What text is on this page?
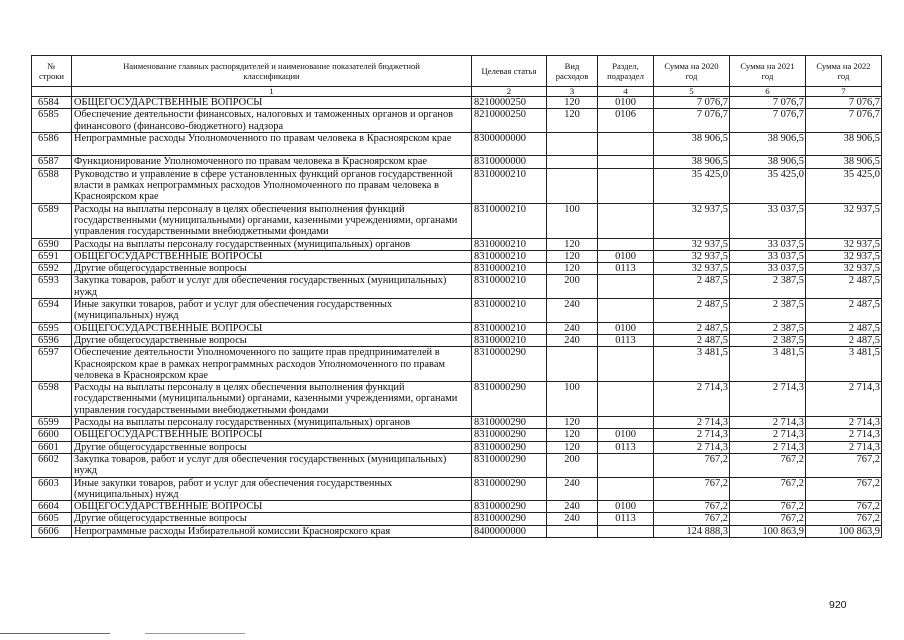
№
строки	Наименование главных распорядителей и наименование показателей бюджетной классификации	Целевая статья	Вид расходов	Раздел, подраздел	Сумма на 2020 год	Сумма на 2021 год	Сумма на 2022 год
	1	2	3	4	5	6	7
6584	ОБЩЕГОСУДАРСТВЕННЫЕ ВОПРОСЫ	8210000250	120	0100	7 076,7	7 076,7	7 076,7
6585	Обеспечение деятельности финансовых, налоговых и таможенных органов и органов финансового (финансово-бюджетного) надзора	8210000250	120	0106	7 076,7	7 076,7	7 076,7
6586	Непрограммные расходы Уполномоченного по правам человека в Красноярском крае	8300000000			38 906,5	38 906,5	38 906,5
6587	Функционирование Уполномоченного по правам человека в Красноярском крае	8310000000			38 906,5	38 906,5	38 906,5
6588	Руководство и управление в сфере установленных функций органов государственной власти в рамках непрограммных расходов Уполномоченного по правам человека в Красноярском крае	8310000210			35 425,0	35 425,0	35 425,0
6589	Расходы на выплаты персоналу в целях обеспечения выполнения функций государственными (муниципальными) органами, казенными учреждениями, органами управления государственными внебюджетными фондами	8310000210	100		32 937,5	33 037,5	32 937,5
6590	Расходы на выплаты персоналу государственных (муниципальных) органов	8310000210	120		32 937,5	33 037,5	32 937,5
6591	ОБЩЕГОСУДАРСТВЕННЫЕ ВОПРОСЫ	8310000210	120	0100	32 937,5	33 037,5	32 937,5
6592	Другие общегосударственные вопросы	8310000210	120	0113	32 937,5	33 037,5	32 937,5
6593	Закупка товаров, работ и услуг для обеспечения государственных (муниципальных) нужд	8310000210	200		2 487,5	2 387,5	2 487,5
6594	Иные закупки товаров, работ и услуг для обеспечения государственных (муниципальных) нужд	8310000210	240		2 487,5	2 387,5	2 487,5
6595	ОБЩЕГОСУДАРСТВЕННЫЕ ВОПРОСЫ	8310000210	240	0100	2 487,5	2 387,5	2 487,5
6596	Другие общегосударственные вопросы	8310000210	240	0113	2 487,5	2 387,5	2 487,5
6597	Обеспечение деятельности Уполномоченного по защите прав предпринимателей в Красноярском крае в рамках непрограммных расходов Уполномоченного по правам человека в Красноярском крае	8310000290			3 481,5	3 481,5	3 481,5
6598	Расходы на выплаты персоналу в целях обеспечения выполнения функций государственными (муниципальными) органами, казенными учреждениями, органами управления государственными внебюджетными фондами	8310000290	100		2 714,3	2 714,3	2 714,3
6599	Расходы на выплаты персоналу государственных (муниципальных) органов	8310000290	120		2 714,3	2 714,3	2 714,3
6600	ОБЩЕГОСУДАРСТВЕННЫЕ ВОПРОСЫ	8310000290	120	0100	2 714,3	2 714,3	2 714,3
6601	Другие общегосударственные вопросы	8310000290	120	0113	2 714,3	2 714,3	2 714,3
6602	Закупка товаров, работ и услуг для обеспечения государственных (муниципальных) нужд	8310000290	200		767,2	767,2	767,2
6603	Иные закупки товаров, работ и услуг для обеспечения государственных (муниципальных) нужд	8310000290	240		767,2	767,2	767,2
6604	ОБЩЕГОСУДАРСТВЕННЫЕ ВОПРОСЫ	8310000290	240	0100	767,2	767,2	767,2
6605	Другие общегосударственные вопросы	8310000290	240	0113	767,2	767,2	767,2
6606	Непрограммные расходы Избирательной комиссии Красноярского края	8400000000			124 888,3	100 863,9	100 863,9
920
